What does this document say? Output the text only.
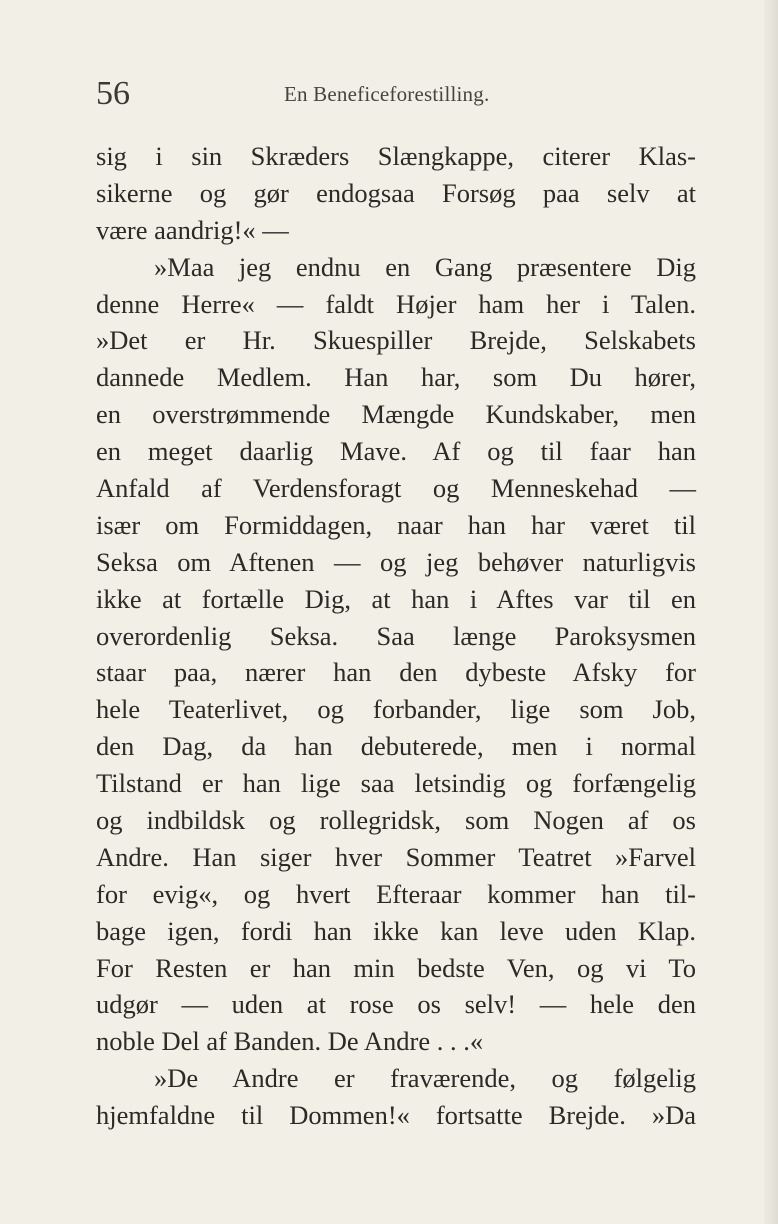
56	En Beneficeforestilling.
sig i sin Skræders Slængkappe, citerer Klas-
sikerne og gør endogsaa Forsøg paa selv at
være aandrig!« —
»Maa jeg endnu en Gang præsentere Dig
denne Herre« — faldt Højer ham her i Talen.
»Det er Hr. Skuespiller Brejde, Selskabets
dannede Medlem. Han har, som Du hører,
en overstrømmende Mængde Kundskaber, men
en meget daarlig Mave. Af og til faar han
Anfald af Verdensforagt og Menneskehad —
især om Formiddagen, naar han har været til
Seksa om Aftenen — og jeg behøver naturligvis
ikke at fortælle Dig, at han i Aftes var til en
overordenlig Seksa. Saa længe Paroksysmen
staar paa, nærer han den dybeste Afsky for
hele Teaterlivet, og forbander, lige som Job,
den Dag, da han debuterede, men i normal
Tilstand er han lige saa letsindig og forfængelig
og indbildsk og rollegridsk, som Nogen af os
Andre. Han siger hver Sommer Teatret »Farvel
for evig«, og hvert Efteraar kommer han til-
bage igen, fordi han ikke kan leve uden Klap.
For Resten er han min bedste Ven, og vi To
udgør — uden at rose os selv! — hele den
noble Del af Banden. De Andre . . .«
»De Andre er fraværende, og følgelig
hjemfaldne til Dommen!« fortsatte Brejde. »Da
